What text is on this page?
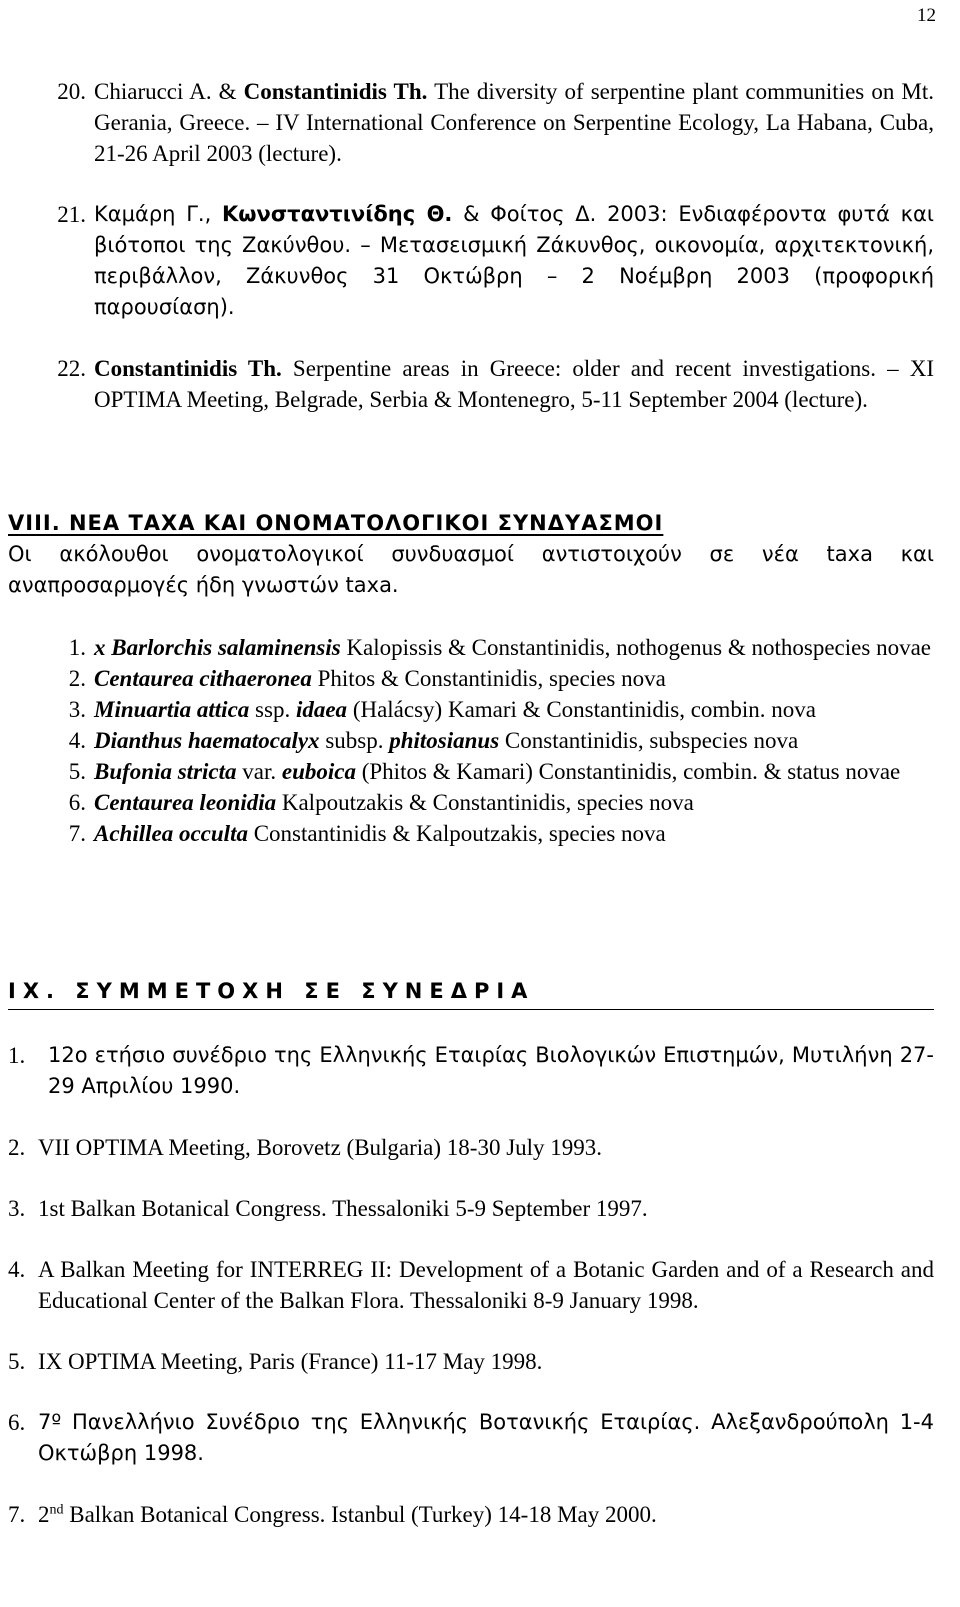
12
20. Chiarucci A. & Constantinidis Th. The diversity of serpentine plant communities on Mt. Gerania, Greece. – IV International Conference on Serpentine Ecology, La Habana, Cuba, 21-26 April 2003 (lecture).
21. Καμάρη Γ., Κωνσταντινίδης Θ. & Φοίτος Δ. 2003: Ενδιαφέροντα φυτά και βιότοποι της Ζακύνθου. – Μετασεισμική Ζάκυνθος, οικονομία, αρχιτεκτονική, περιβάλλον, Ζάκυνθος 31 Οκτώβρη – 2 Νοέμβρη 2003 (προφορική παρουσίαση).
22. Constantinidis Th. Serpentine areas in Greece: older and recent investigations. – XI OPTIMA Meeting, Belgrade, Serbia & Montenegro, 5-11 September 2004 (lecture).
VIII. ΝΕΑ ΤΑΧΑ ΚΑΙ ΟΝΟΜΑΤΟΛΟΓΙΚΟΙ ΣΥΝΔΥΑΣΜΟΙ
Οι ακόλουθοι ονοματολογικοί συνδυασμοί αντιστοιχούν σε νέα taxa και αναπροσαρμογές ήδη γνωστών taxa.
1. x Barlorchis salaminensis Kalopissis & Constantinidis, nothogenus & nothospecies novae
2. Centaurea cithaeronea Phitos & Constantinidis, species nova
3. Minuartia attica ssp. idaea (Halácsy) Kamari & Constantinidis, combin. nova
4. Dianthus haematocalyx subsp. phitosianus Constantinidis, subspecies nova
5. Bufonia stricta var. euboica (Phitos & Kamari) Constantinidis, combin. & status novae
6. Centaurea leonidia Kalpoutzakis & Constantinidis, species nova
7. Achillea occulta Constantinidis & Kalpoutzakis, species nova
ΙΧ. ΣΥΜΜΕΤΟΧΗ ΣΕ ΣΥΝΕΔΡΙΑ
1.	12ο ετήσιο συνέδριο της Ελληνικής Εταιρίας Βιολογικών Επιστημών, Μυτιλήνη 27-29 Απριλίου 1990.
2. VII OPTIMA Meeting, Borovetz (Bulgaria) 18-30 July 1993.
3. 1st Balkan Botanical Congress. Thessaloniki 5-9 September 1997.
4. A Balkan Meeting for INTERREG II: Development of a Botanic Garden and of a Research and Educational Center of the Balkan Flora. Thessaloniki 8-9 January 1998.
5. IX OPTIMA Meeting, Paris (France) 11-17 May 1998.
6. 7º Πανελλήνιο Συνέδριο της Ελληνικής Βοτανικής Εταιρίας. Αλεξανδρούπολη 1-4 Οκτώβρη 1998.
7. 2nd Balkan Botanical Congress. Istanbul (Turkey) 14-18 May 2000.
